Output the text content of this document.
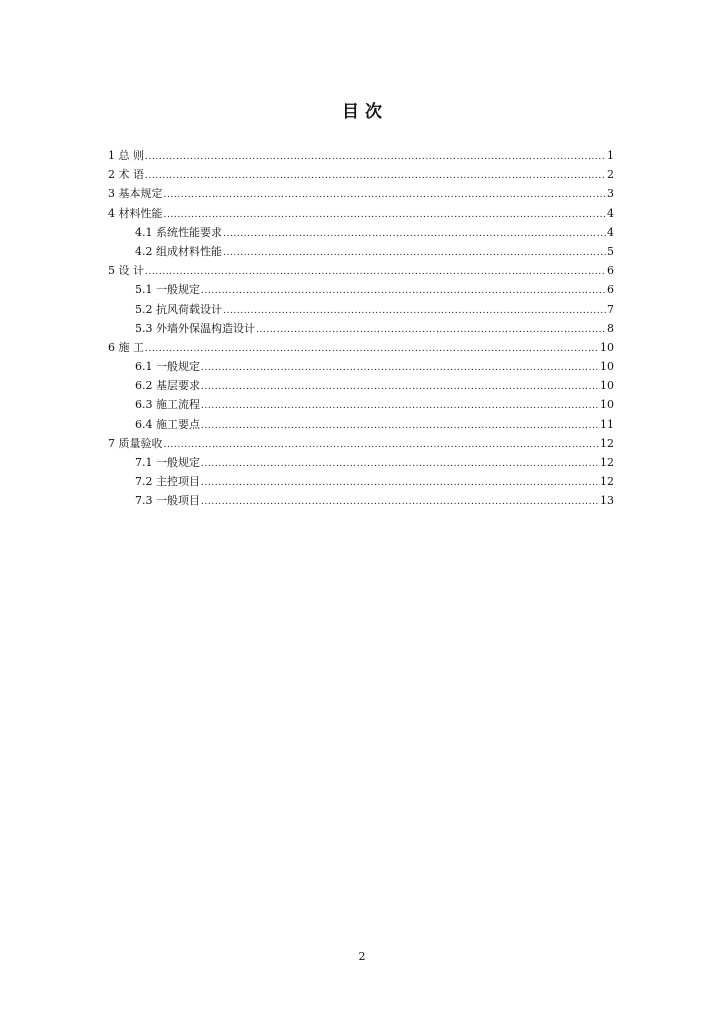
目 次
1 总 则 .....	1
2 术 语 .....	2
3 基本规定 .....	3
4 材料性能 .....	4
4.1 系统性能要求 .....	4
4.2 组成材料性能 .....	5
5 设 计 .....	6
5.1 一般规定 .....	6
5.2 抗风荷载设计 .....	7
5.3 外墙外保温构造设计 .....	8
6 施 工 .....	10
6.1 一般规定 .....	10
6.2 基层要求 .....	10
6.3 施工流程 .....	10
6.4 施工要点 .....	11
7 质量验收 .....	12
7.1 一般规定 .....	12
7.2 主控项目 .....	12
7.3 一般项目 .....	13
2
